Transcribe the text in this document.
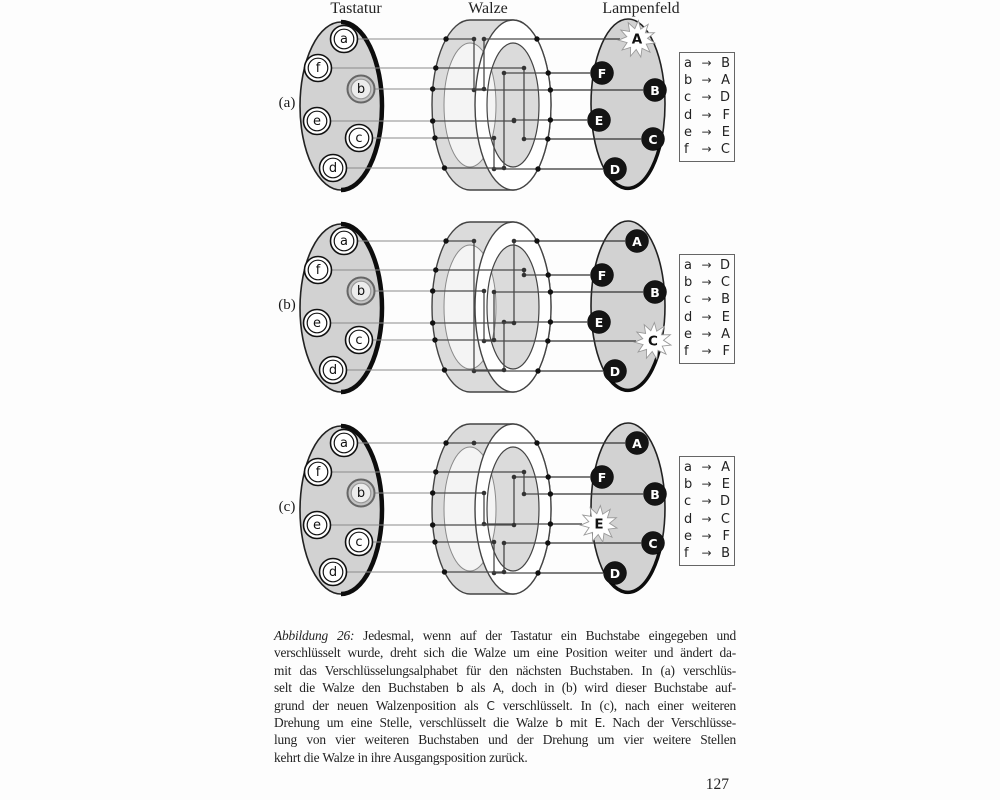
Tastatur	Walze	Lampenfeld
(a)
a
f
b
e
c
d
A
F
B
E
C
D
(b)
a
f
b
e
c
d
A
F
B
E
C
D
(c)
a
f
b
e
c
d
A
F
B
E
C
D
a → B
b → A
c → D
d → F
e → E
f	→ C
a → D
b → C
c → B
d → E
e → A
f	→ F
a → A
b → E
c → D
d → C
e → F
f	→ B
Abbildung 26: Jedesmal, wenn auf der Tastatur ein Buchstabe eingegeben und
verschlüsselt wurde, dreht sich die Walze um eine Position weiter und ändert da-
mit das Verschlüsselungsalphabet für den nächsten Buchstaben. In (a) verschlüs-
selt die Walze den Buchstaben b als A, doch in (b) wird dieser Buchstabe auf-
grund der neuen Walzenposition als C verschlüsselt. In (c), nach einer weiteren
Drehung um eine Stelle, verschlüsselt die Walze b mit E. Nach der Verschlüsse-
lung von vier weiteren Buchstaben und der Drehung um vier weitere Stellen
kehrt die Walze in ihre Ausgangsposition zurück.
127
